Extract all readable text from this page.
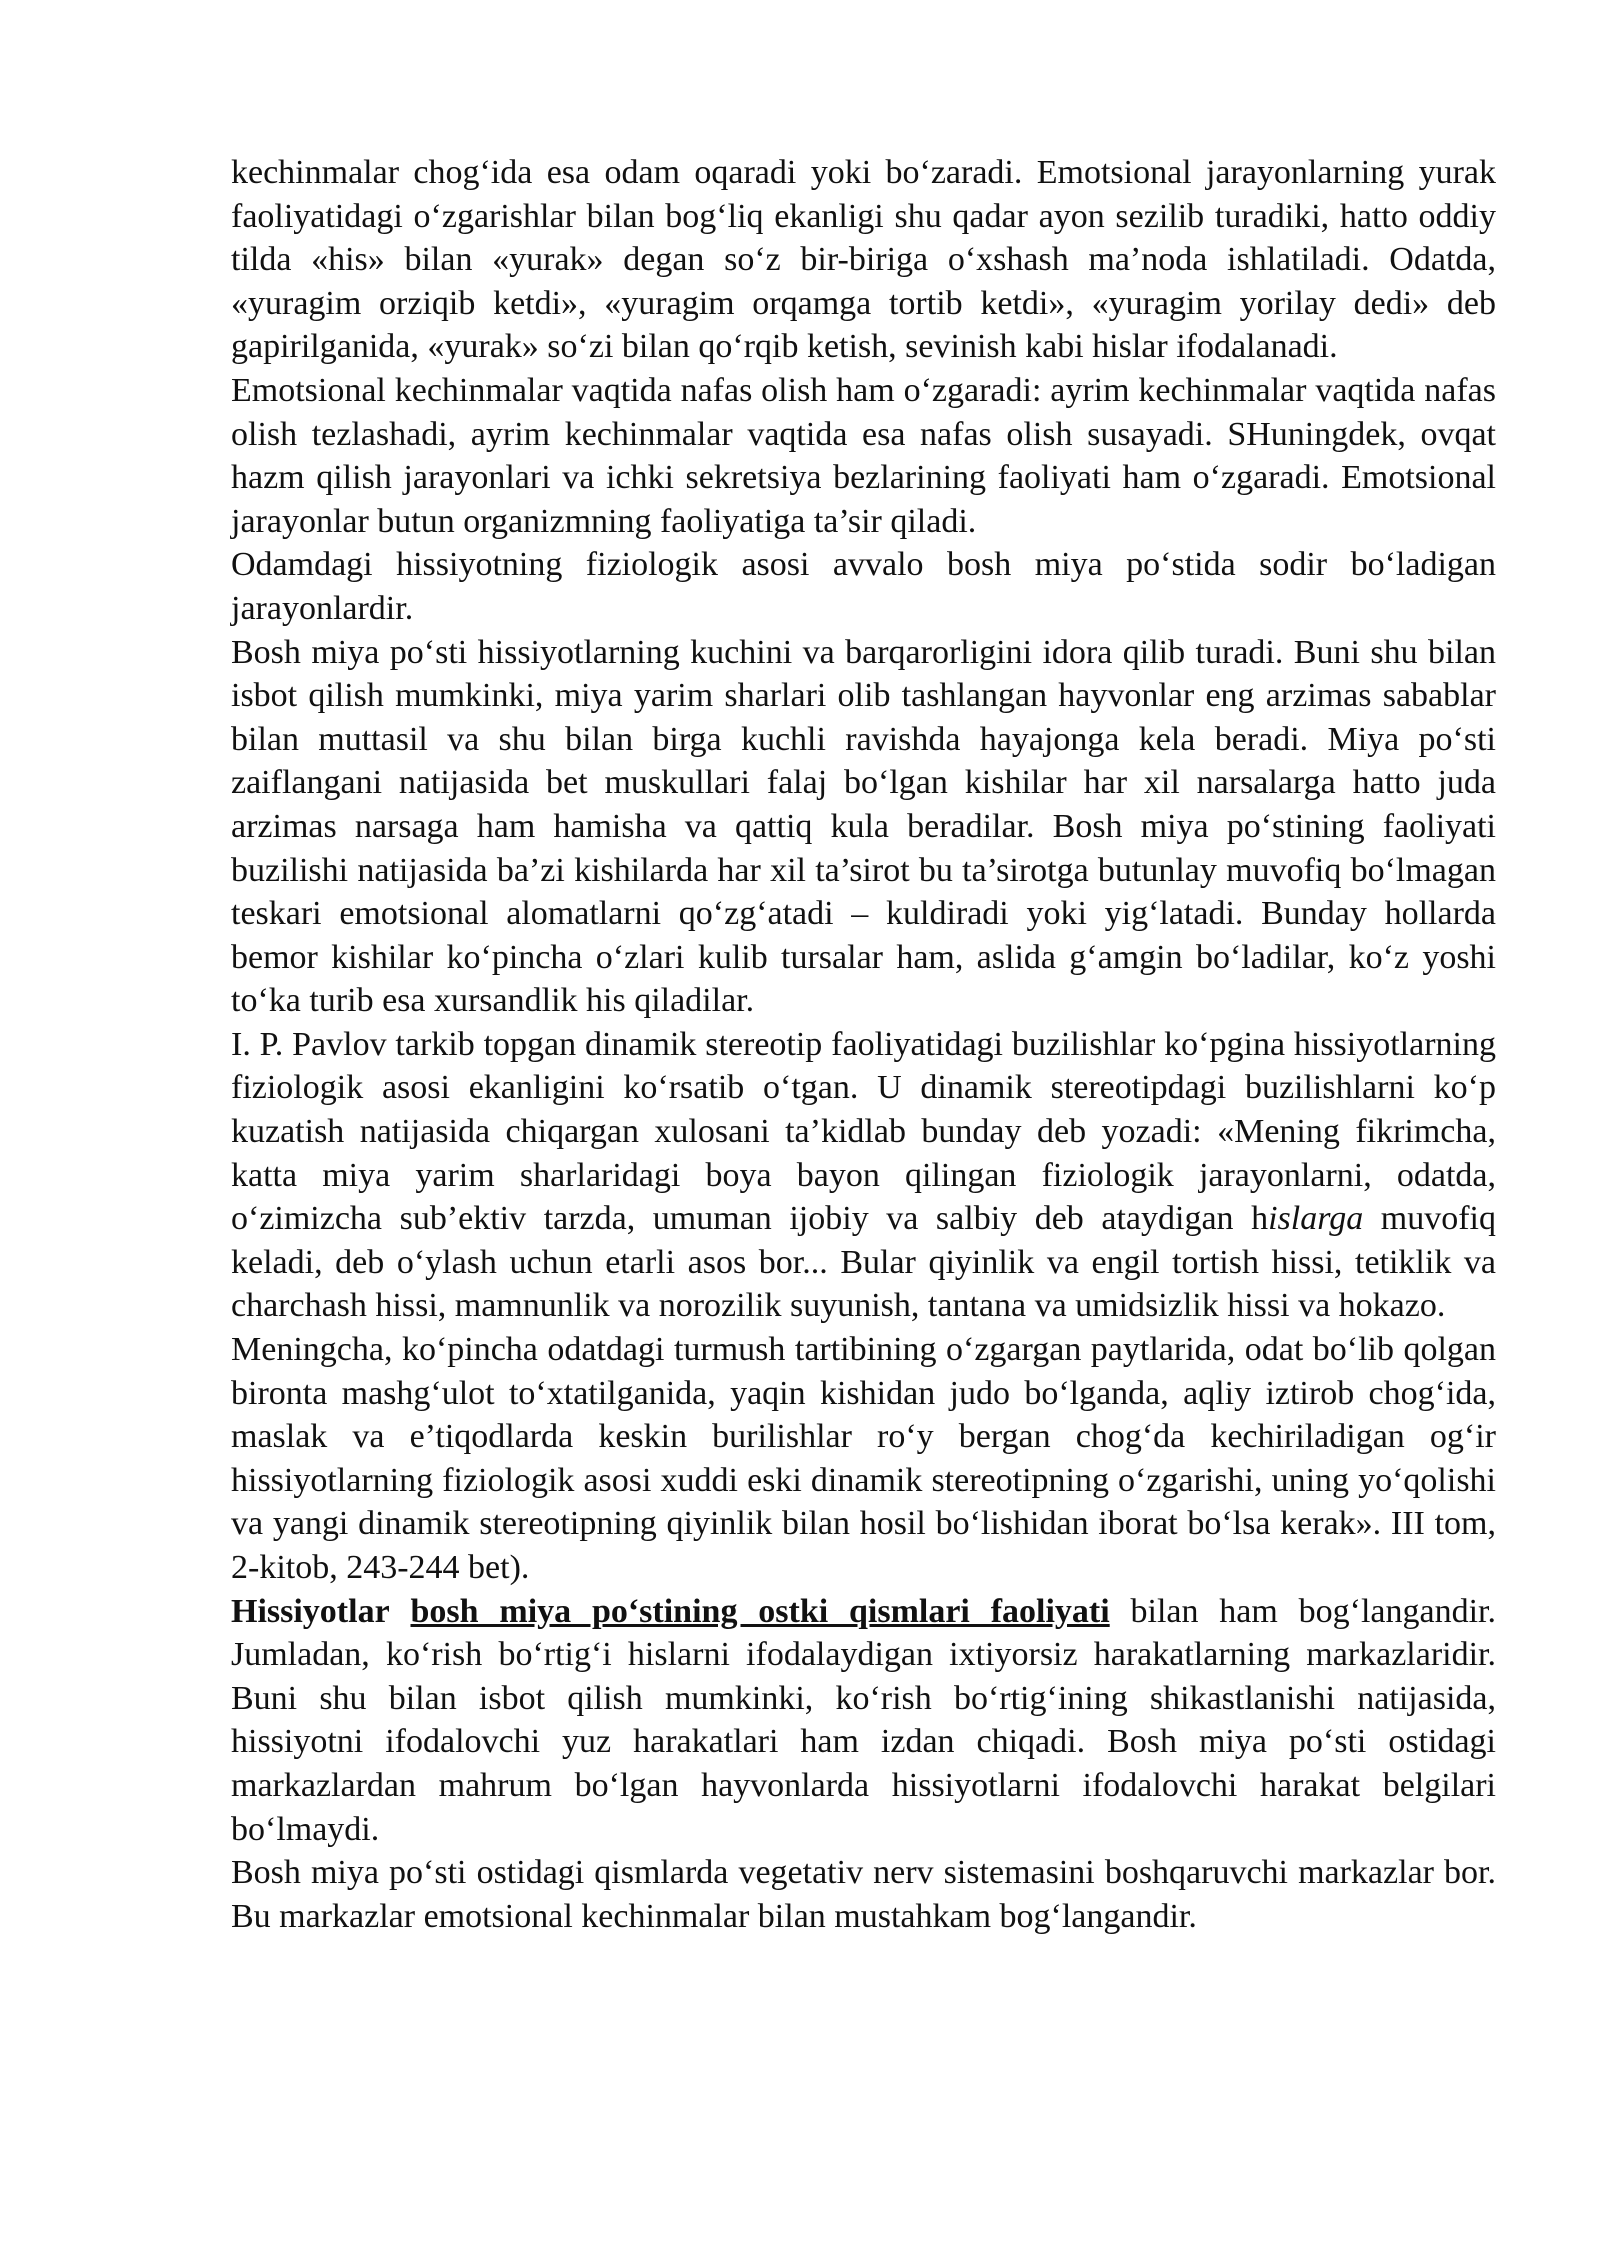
kechinmalar chog‘ida esa odam oqaradi yoki bo‘zaradi. Emotsional jarayonlarning yurak faoliyatidagi o‘zgarishlar bilan bog‘liq ekanligi shu qadar ayon sezilib turadiki, hatto oddiy tilda «his» bilan «yurak» degan so‘z bir-biriga o‘xshash ma’noda ishlatiladi. Odatda, «yuragim orziqib ketdi», «yuragim orqamga tortib ketdi», «yuragim yorilay dedi» deb gapirilganida, «yurak» so‘zi bilan qo‘rqib ketish, sevinish kabi hislar ifodalanadi.

Emotsional kechinmalar vaqtida nafas olish ham o‘zgaradi: ayrim kechinmalar vaqtida nafas olish tezlashadi, ayrim kechinmalar vaqtida esa nafas olish susayadi. SHuningdek, ovqat hazm qilish jarayonlari va ichki sekretsiya bezlarining faoliyati ham o‘zgaradi. Emotsional jarayonlar butun organizmning faoliyatiga ta’sir qiladi.

Odamdagi hissiyotning fiziologik asosi avvalo bosh miya po‘stida sodir bo‘ladigan jarayonlardir.

Bosh miya po‘sti hissiyotlarning kuchini va barqarorligini idora qilib turadi. Buni shu bilan isbot qilish mumkinki, miya yarim sharlari olib tashlangan hayvonlar eng arzimas sabablar bilan muttasil va shu bilan birga kuchli ravishda hayajonga kela beradi. Miya po‘sti zaiflangani natijasida bet muskullari falaj bo‘lgan kishilar har xil narsalarga hatto juda arzimas narsaga ham hamisha va qattiq kula beradilar. Bosh miya po‘stining faoliyati buzilishi natijasida ba’zi kishilarda har xil ta’sirot bu ta’sirotga butunlay muvofiq bo‘lmagan teskari emotsional alomatlarni qo‘zg‘atadi – kuldiradi yoki yig‘latadi. Bunday hollarda bemor kishilar ko‘pincha o‘zlari kulib tursalar ham, aslida g‘amgin bo‘ladilar, ko‘z yoshi to‘ka turib esa xursandlik his qiladilar.

I. P. Pavlov tarkib topgan dinamik stereotip faoliyatidagi buzilishlar ko‘pgina hissiyotlarning fiziologik asosi ekanligini ko‘rsatib o‘tgan. U dinamik stereotipdagi buzilishlarni ko‘p kuzatish natijasida chiqargan xulosani ta’kidlab bunday deb yozadi: «Mening fikrimcha, katta miya yarim sharlaridagi boya bayon qilingan fiziologik jarayonlarni, odatda, o‘zimizcha sub’ektiv tarzda, umuman ijobiy va salbiy deb ataydigan hislarga muvofiq keladi, deb o‘ylash uchun etarli asos bor... Bular qiyinlik va engil tortish hissi, tetiklik va charchash hissi, mamnunlik va norozilik suyunish, tantana va umidsizlik hissi va hokazo.

Meningcha, ko‘pincha odatdagi turmush tartibining o‘zgargan paytlarida, odat bo‘lib qolgan bironta mashg‘ulot to‘xtatilganida, yaqin kishidan judo bo‘lganda, aqliy iztirob chog‘ida, maslak va e’tiqodlarda keskin burilishlar ro‘y bergan chog‘da kechiriladigan og‘ir hissiyotlarning fiziologik asosi xuddi eski dinamik stereotipning o‘zgarishi, uning yo‘qolishi va yangi dinamik stereotipning qiyinlik bilan hosil bo‘lishidan iborat bo‘lsa kerak». III tom, 2-kitob, 243-244 bet).

Hissiyotlar bosh miya po‘stining ostki qismlari faoliyati bilan ham bog‘langandir. Jumladan, ko‘rish bo‘rtig‘i hislarni ifodalaydigan ixtiyorsiz harakatlarning markazlaridir. Buni shu bilan isbot qilish mumkinki, ko‘rish bo‘rtig‘ining shikastlanishi natijasida, hissiyotni ifodalovchi yuz harakatlari ham izdan chiqadi. Bosh miya po‘sti ostidagi markazlardan mahrum bo‘lgan hayvonlarda hissiyotlarni ifodalovchi harakat belgilari bo‘lmaydi.

Bosh miya po‘sti ostidagi qismlarda vegetativ nerv sistemasini boshqaruvchi markazlar bor. Bu markazlar emotsional kechinmalar bilan mustahkam bog‘langandir.
